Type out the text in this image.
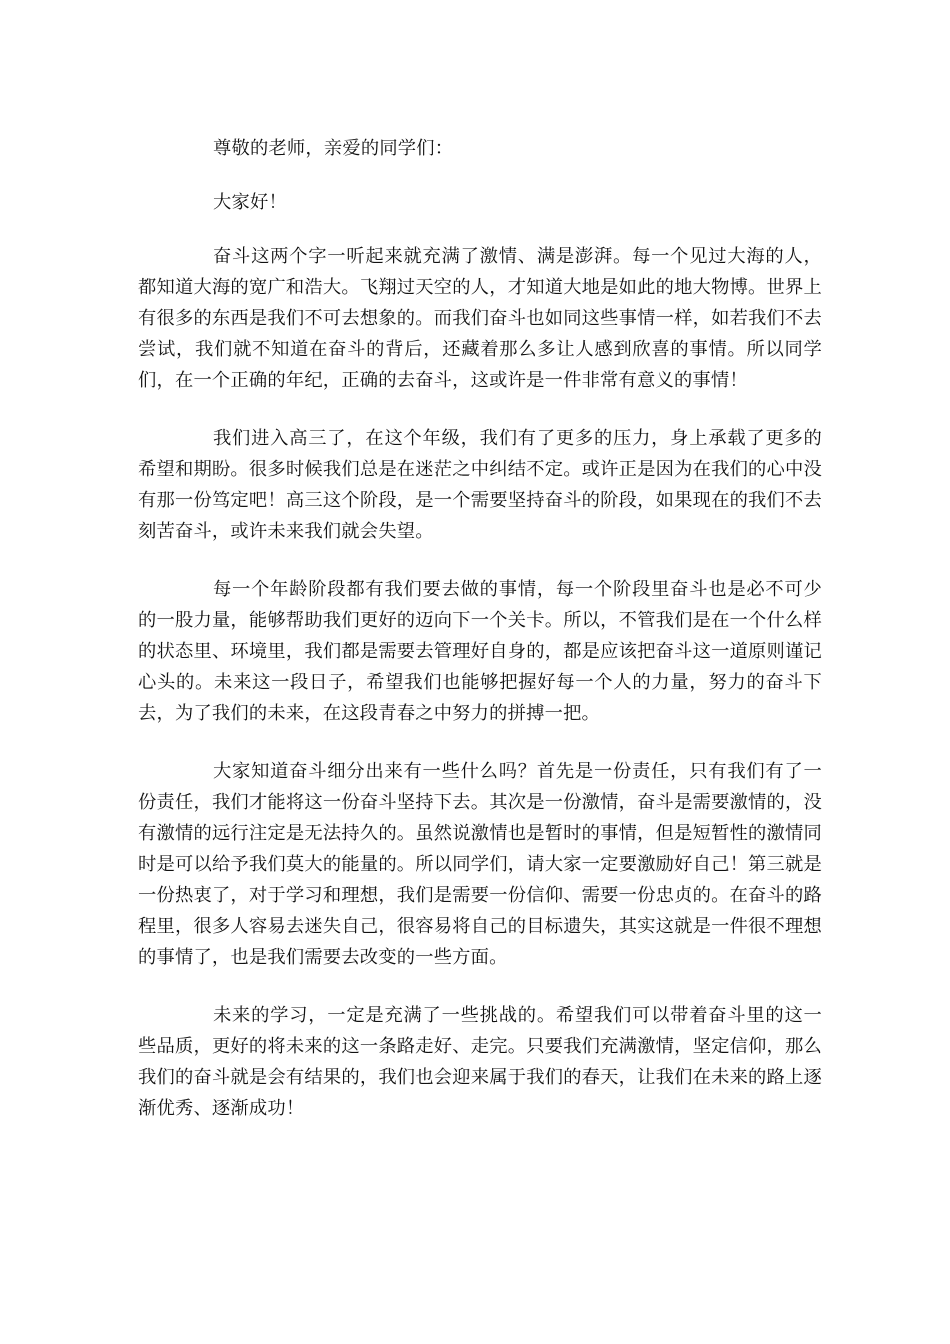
尊敬的老师，亲爱的同学们：

大家好！

奋斗这两个字一听起来就充满了激情、满是澎湃。每一个见过大海的人，都知道大海的宽广和浩大。飞翔过天空的人，才知道大地是如此的地大物博。世界上有很多的东西是我们不可去想象的。而我们奋斗也如同这些事情一样，如若我们不去尝试，我们就不知道在奋斗的背后，还藏着那么多让人感到欣喜的事情。所以同学们，在一个正确的年纪，正确的去奋斗，这或许是一件非常有意义的事情！

我们进入高三了，在这个年级，我们有了更多的压力，身上承载了更多的希望和期盼。很多时候我们总是在迷茫之中纠结不定。或许正是因为在我们的心中没有那一份笃定吧！高三这个阶段，是一个需要坚持奋斗的阶段，如果现在的我们不去刻苦奋斗，或许未来我们就会失望。

每一个年龄阶段都有我们要去做的事情，每一个阶段里奋斗也是必不可少的一股力量，能够帮助我们更好的迈向下一个关卡。所以，不管我们是在一个什么样的状态里、环境里，我们都是需要去管理好自身的，都是应该把奋斗这一道原则谨记心头的。未来这一段日子，希望我们也能够把握好每一个人的力量，努力的奋斗下去，为了我们的未来，在这段青春之中努力的拼搏一把。

大家知道奋斗细分出来有一些什么吗？首先是一份责任，只有我们有了一份责任，我们才能将这一份奋斗坚持下去。其次是一份激情，奋斗是需要激情的，没有激情的远行注定是无法持久的。虽然说激情也是暂时的事情，但是短暂性的激情同时是可以给予我们莫大的能量的。所以同学们，请大家一定要激励好自己！第三就是一份热衷了，对于学习和理想，我们是需要一份信仰、需要一份忠贞的。在奋斗的路程里，很多人容易去迷失自己，很容易将自己的目标遗失，其实这就是一件很不理想的事情了，也是我们需要去改变的一些方面。

未来的学习，一定是充满了一些挑战的。希望我们可以带着奋斗里的这一些品质，更好的将未来的这一条路走好、走完。只要我们充满激情，坚定信仰，那么我们的奋斗就是会有结果的，我们也会迎来属于我们的春天，让我们在未来的路上逐渐优秀、逐渐成功！
